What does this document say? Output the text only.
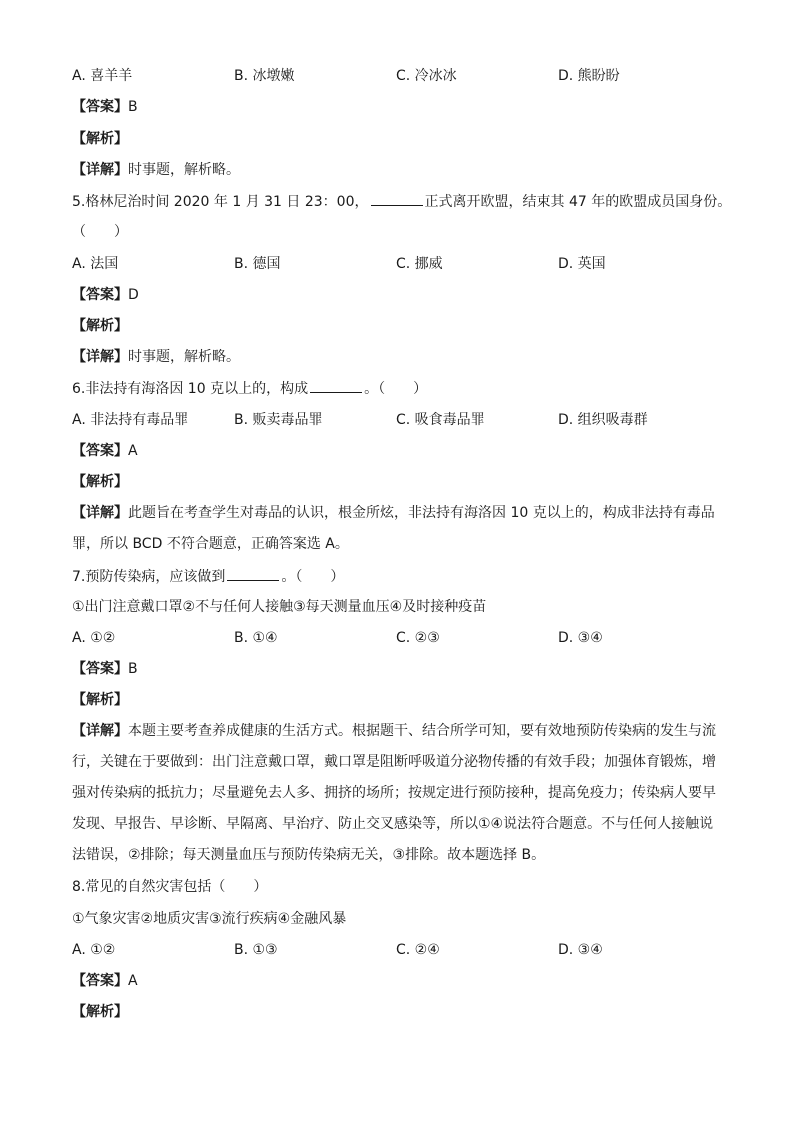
A. 喜羊羊	B. 冰墩嫩	C. 冷冰冰	D. 熊盼盼
【答案】B
【解析】
【详解】时事题，解析略。
5.格林尼治时间 2020 年 1 月 31 日 23：00，	正式离开欧盟，结束其 47 年的欧盟成员国身份。
（　　）
A. 法国	B. 德国	C. 挪威	D. 英国
【答案】D
【解析】
【详解】时事题，解析略。
6.非法持有海洛因 10 克以上的，构成	。（　　）
A. 非法持有毒品罪	B. 贩卖毒品罪	C. 吸食毒品罪	D. 组织吸毒群
【答案】A
【解析】
【详解】此题旨在考查学生对毒品的认识，根金所炫，非法持有海洛因 10 克以上的，构成非法持有毒品罪，所以 BCD 不符合题意，正确答案选 A。
7.预防传染病，应该做到	。（　　）
①出门注意戴口罩②不与任何人接触③每天测量血压④及时接种疫苗
A. ①②	B. ①④	C. ②③	D. ③④
【答案】B
【解析】
【详解】本题主要考查养成健康的生活方式。根据题干、结合所学可知，要有效地预防传染病的发生与流行，关键在于要做到：出门注意戴口罩，戴口罩是阻断呼吸道分泌物传播的有效手段；加强体育锻炼，增强对传染病的抵抗力；尽量避免去人多、拥挤的场所；按规定进行预防接种，提高免疫力；传染病人要早发现、早报告、早诊断、早隔离、早治疗、防止交叉感染等，所以①④说法符合题意。不与任何人接触说法错误，②排除；每天测量血压与预防传染病无关，③排除。故本题选择 B。
8.常见的自然灾害包括（　　）
①气象灾害②地质灾害③流行疾病④金融风暴
A. ①②	B. ①③	C. ②④	D. ③④
【答案】A
【解析】
